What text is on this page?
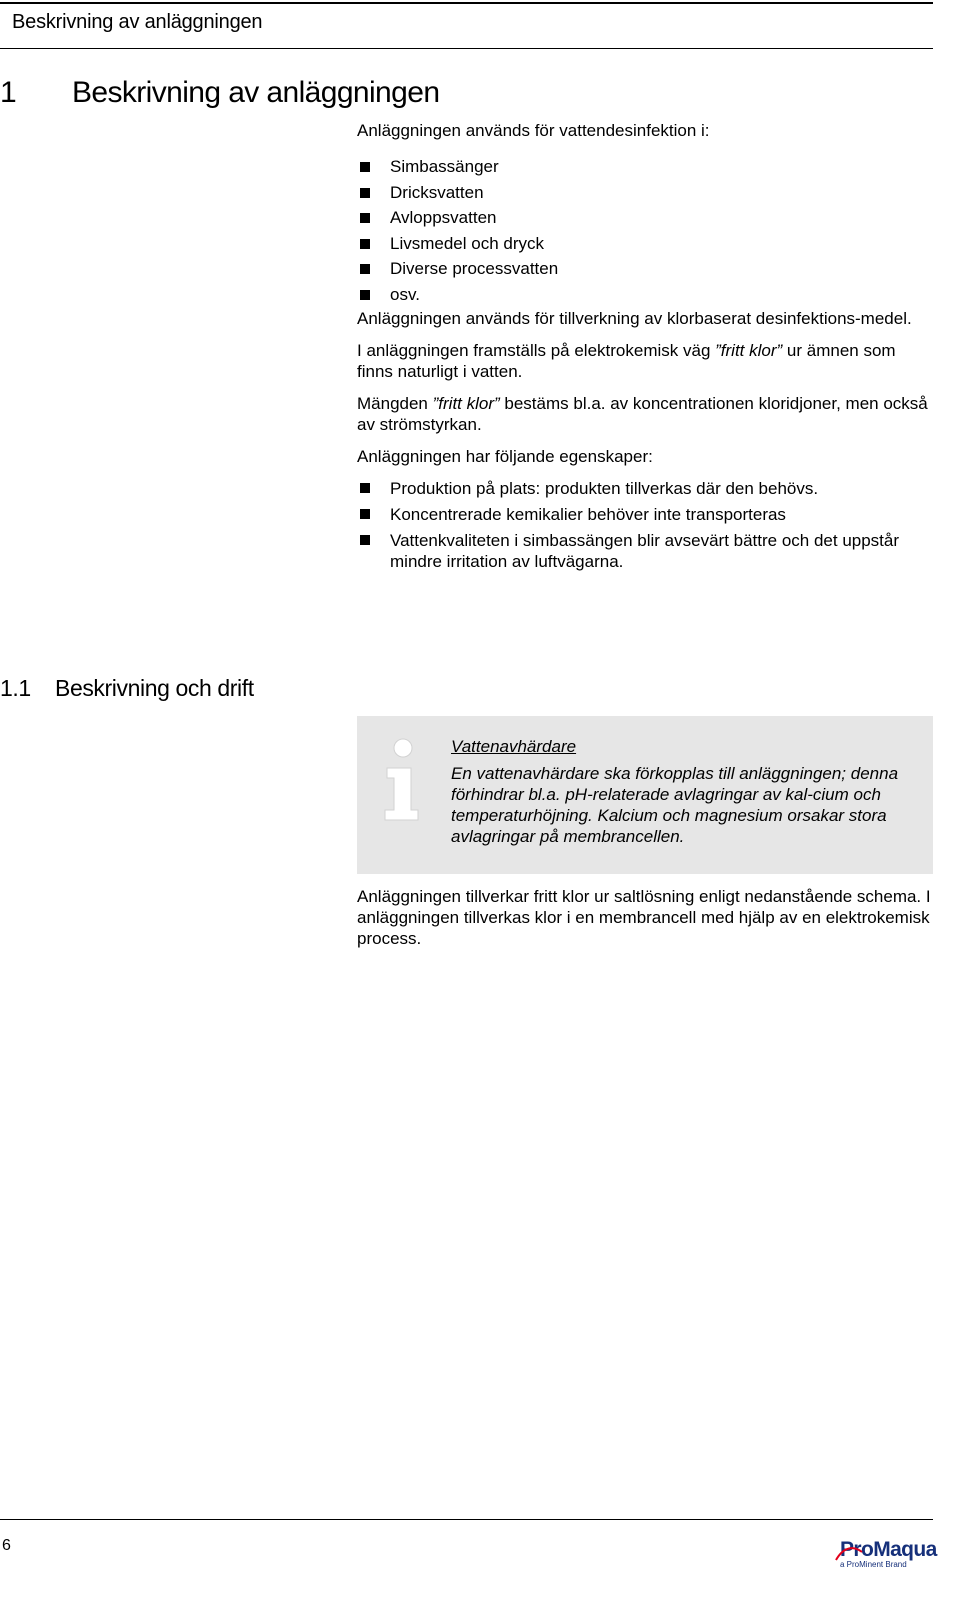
Beskrivning av anläggningen
1 Beskrivning av anläggningen

Anläggningen används för vattendesinfektion i:

Simbassänger
Dricksvatten
Avloppsvatten
Livsmedel och dryck
Diverse processvatten
osv.

Anläggningen används för tillverkning av klorbaserat desinfektions-medel.

I anläggningen framställs på elektrokemisk väg ”fritt klor” ur ämnen som finns naturligt i vatten.

Mängden ”fritt klor” bestäms bl.a. av koncentrationen kloridjoner, men också av strömstyrkan.

Anläggningen har följande egenskaper:

Produktion på plats: produkten tillverkas där den behövs.
Koncentrerade kemikalier behöver inte transporteras
Vattenkvaliteten i simbassängen blir avsevärt bättre och det uppstår mindre irritation av luftvägarna.
1.1 Beskrivning och drift
Vattenavhärdare
En vattenavhärdare ska förkopplas till anläggningen; denna förhindrar bl.a. pH-relaterade avlagringar av kal-cium och temperaturhöjning. Kalcium och magnesium orsakar stora avlagringar på membrancellen.

Anläggningen tillverkar fritt klor ur saltlösning enligt nedanstående schema. I anläggningen tillverkas klor i en membrancell med hjälp av en elektrokemisk process.

6	ProMaqua
a ProMinent Brand
